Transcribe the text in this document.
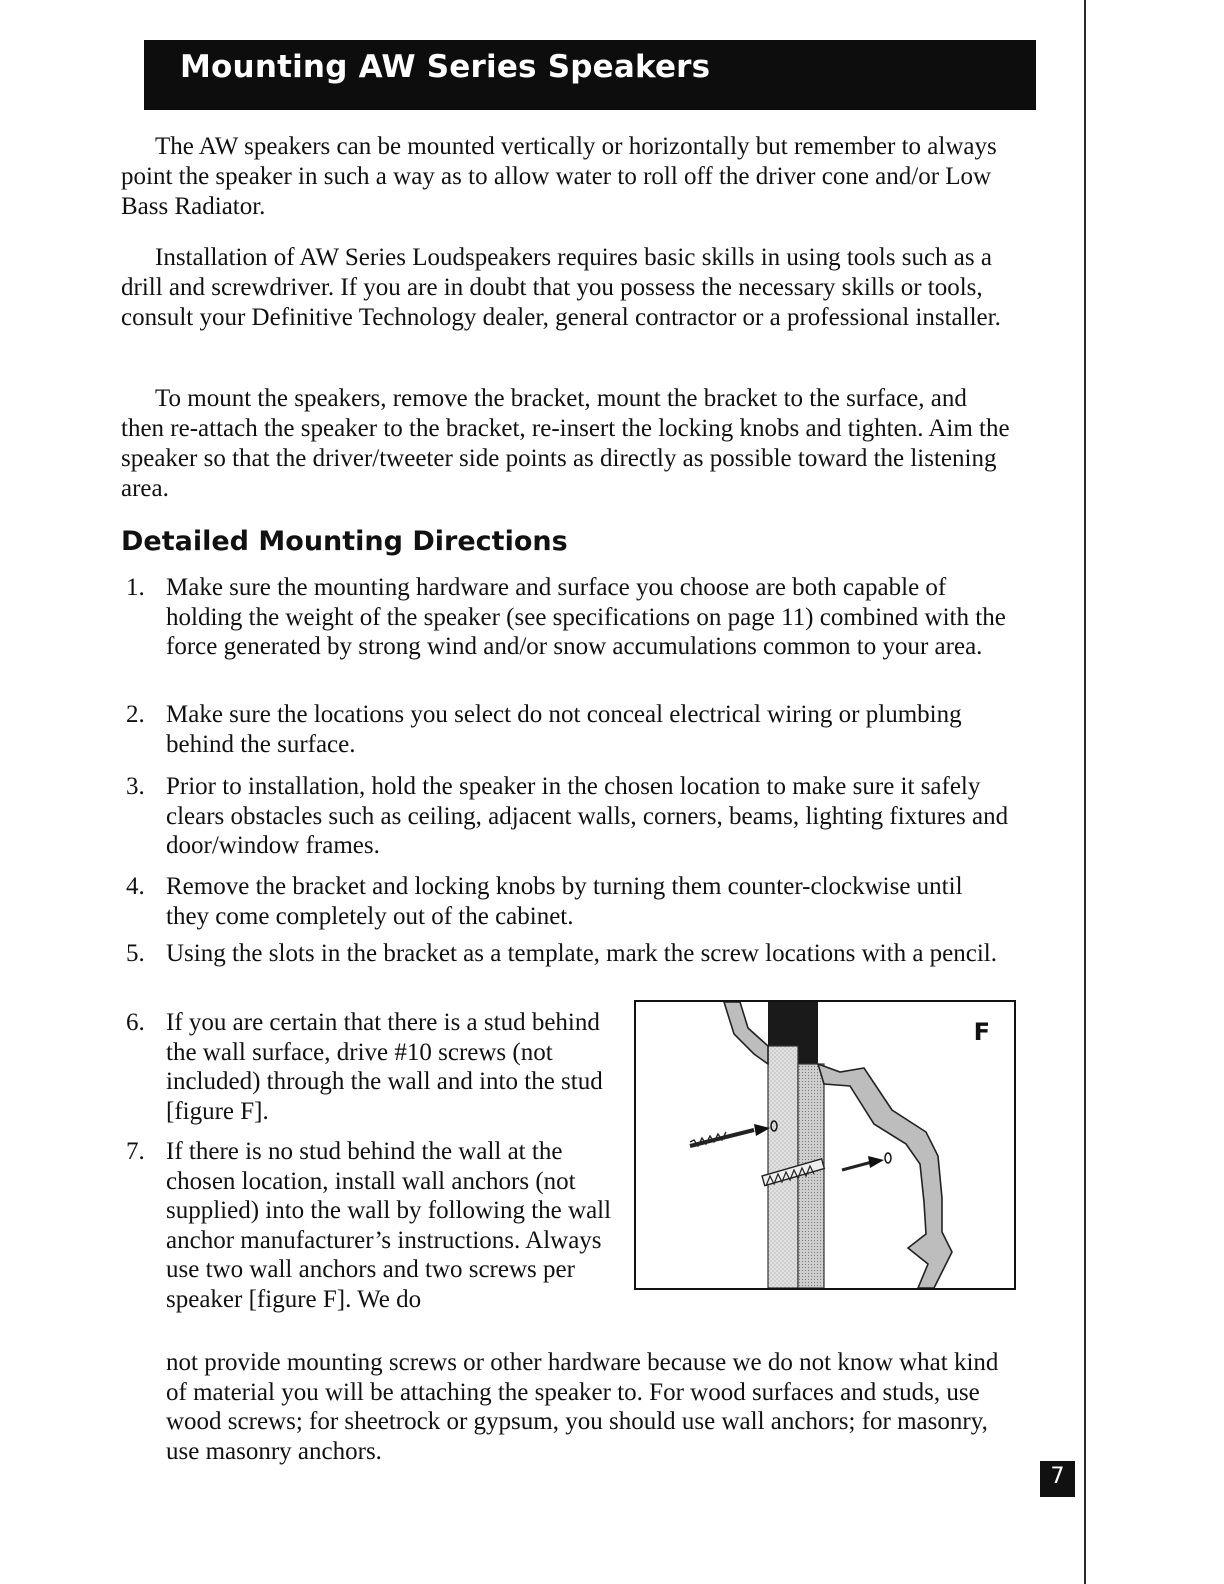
Mounting AW Series Speakers

The AW speakers can be mounted vertically or horizontally but remember to always point the speaker in such a way as to allow water to roll off the driver cone and/or Low Bass Radiator.

Installation of AW Series Loudspeakers requires basic skills in using tools such as a drill and screwdriver. If you are in doubt that you possess the necessary skills or tools, consult your Definitive Technology dealer, general contractor or a professional installer.

To mount the speakers, remove the bracket, mount the bracket to the surface, and then re-attach the speaker to the bracket, re-insert the locking knobs and tighten. Aim the speaker so that the driver/tweeter side points as directly as possible toward the listening area.

Detailed Mounting Directions
1. Make sure the mounting hardware and surface you choose are both capable of holding the weight of the speaker (see specifications on page 11) combined with the force generated by strong wind and/or snow accumulations common to your area.
2. Make sure the locations you select do not conceal electrical wiring or plumbing behind the surface.
3. Prior to installation, hold the speaker in the chosen location to make sure it safely clears obstacles such as ceiling, adjacent walls, corners, beams, lighting fixtures and door/window frames.
4. Remove the bracket and locking knobs by turning them counter-clockwise until they come completely out of the cabinet.
5. Using the slots in the bracket as a template, mark the screw locations with a pencil.
6. If you are certain that there is a stud behind the wall surface, drive #10 screws (not included) through the wall and into the stud [figure F].
7. If there is no stud behind the wall at the chosen location, install wall anchors (not supplied) into the wall by following the wall anchor manufacturer’s instructions. Always use two wall anchors and two screws per speaker [figure F]. We do

not provide mounting screws or other hardware because we do not know what kind of material you will be attaching the speaker to. For wood surfaces and studs, use wood screws; for sheetrock or gypsum, you should use wall anchors; for masonry, use masonry anchors.

F
7
